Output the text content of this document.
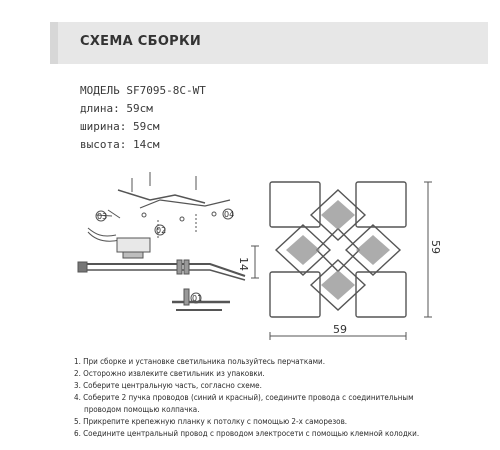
СХЕМА СБОРКИ
МОДЕЛЬ SF7095-8C-WT
длина: 59см
ширина: 59см
высота: 14см
03
02
04
01
14
59
59
1. При сборке и установке светильника пользуйтесь перчатками.
2. Осторожно извлеките светильник из упаковки.
3. Соберите центральную часть, согласно схеме.
4. Соберите 2 пучка проводов (синий и красный), соедините провода с соединительным
проводом помощью колпачка.
5. Прикрепите крепежную планку к потолку с помощью 2-х саморезов.
6. Соедините центральный провод с проводом электросети с помощью клемной колодки.
